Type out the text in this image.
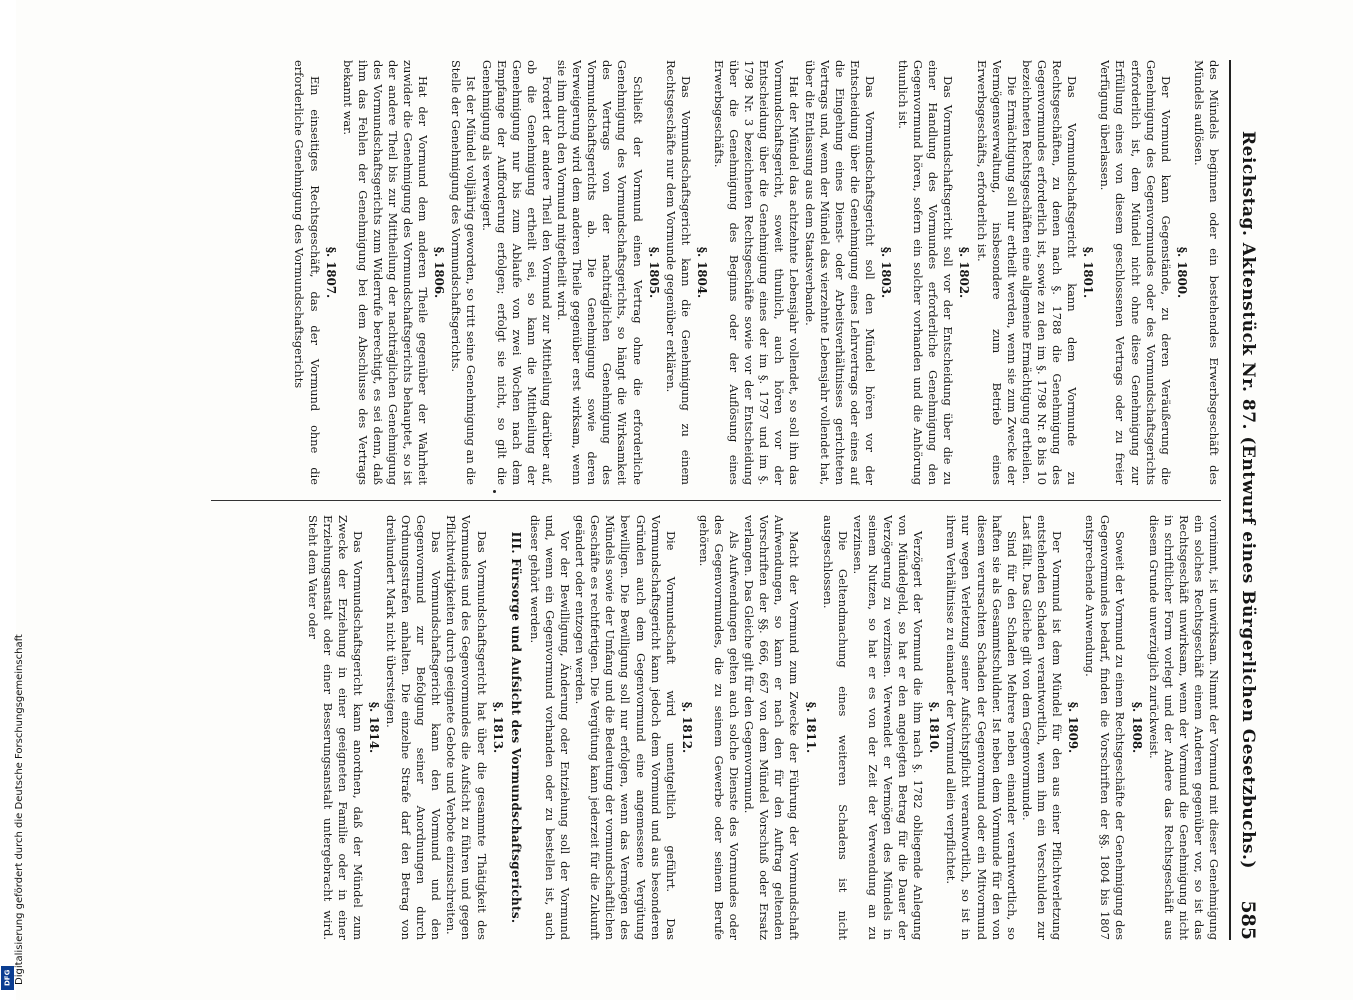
DFG Digitalisierung gefördert durch die Deutsche Forschungsgemeinschaft	Reichstag. Aktenstück Nr. 87. (Entwurf eines Bürgerlichen Gesetzbuchs.)
585

des Mündels beginnen oder ein bestehendes Erwerbsgeschäft des Mündels auflösen.

§. 1800.

Der Vormund kann Gegenstände, zu deren Veräußerung die Genehmigung des Gegenvormundes oder des Vormundschaftsgerichts erforderlich ist, dem Mündel nicht ohne diese Genehmigung zur Erfüllung eines von diesem geschlossenen Vertrags oder zu freier Verfügung überlassen.

§. 1801.

Das Vormundschaftsgericht kann dem Vormunde zu Rechtsgeschäften, zu denen nach §. 1788 die Genehmigung des Gegenvormundes erforderlich ist, sowie zu den im §. 1798 Nr. 8 bis 10 bezeichneten Rechtsgeschäften eine allgemeine Ermächtigung ertheilen.

Die Ermächtigung soll nur ertheilt werden, wenn sie zum Zwecke der Vermögensverwaltung, insbesondere zum Betrieb eines Erwerbsgeschäfts, erforderlich ist.

§. 1802.

Das Vormundschaftsgericht soll vor der Entscheidung über die zu einer Handlung des Vormundes erforderliche Genehmigung den Gegenvormund hören, sofern ein solcher vorhanden und die Anhörung thunlich ist.

§. 1803.

Das Vormundschaftsgericht soll den Mündel hören vor der Entscheidung über die Genehmigung eines Lehrvertrags oder eines auf die Eingehung eines Dienst- oder Arbeitsverhältnisses gerichteten Vertrags und, wenn der Mündel das vierzehnte Lebensjahr vollendet hat, über die Entlassung aus dem Staatsverbande.

Hat der Mündel das achtzehnte Lebensjahr vollendet, so soll ihn das Vormundschaftsgericht, soweit thunlich, auch hören vor der Entscheidung über die Genehmigung eines der im §. 1797 und im §. 1798 Nr. 3 bezeichneten Rechtsgeschäfte sowie vor der Entscheidung über die Genehmigung des Beginns oder der Auflösung eines Erwerbsgeschäfts.

§. 1804.

Das Vormundschaftsgericht kann die Genehmigung zu einem Rechtsgeschäfte nur dem Vormunde gegenüber erklären.

§. 1805.

Schließt der Vormund einen Vertrag ohne die erforderliche Genehmigung des Vormundschaftsgerichts, so hängt die Wirksamkeit des Vertrags von der nachträglichen Genehmigung des Vormundschaftsgerichts ab. Die Genehmigung sowie deren Verweigerung wird dem anderen Theile gegenüber erst wirksam, wenn sie ihm durch den Vormund mitgetheilt wird.

Fordert der andere Theil den Vormund zur Mittheilung darüber auf, ob die Genehmigung ertheilt sei, so kann die Mittheilung der Genehmigung nur bis zum Ablaufe von zwei Wochen nach dem Empfange der Aufforderung erfolgen; erfolgt sie nicht, so gilt die Genehmigung als verweigert.

Ist der Mündel volljährig geworden, so tritt seine Genehmigung an die Stelle der Genehmigung des Vormundschaftsgerichts.

§. 1806.

Hat der Vormund dem anderen Theile gegenüber der Wahrheit zuwider die Genehmigung des Vormundschaftsgerichts behauptet, so ist der andere Theil bis zur Mittheilung der nachträglichen Genehmigung des Vormundschaftsgerichts zum Widerrufe berechtigt, es sei denn, daß ihm das Fehlen der Genehmigung bei dem Abschlusse des Vertrags bekannt war.

§. 1807.

Ein einseitiges Rechtsgeschäft, das der Vormund ohne die erforderliche Genehmigung des Vormundschaftsgerichts

vornimmt, ist unwirksam. Nimmt der Vormund mit dieser Genehmigung ein solches Rechtsgeschäft einem Anderen gegenüber vor, so ist das Rechtsgeschäft unwirksam, wenn der Vormund die Genehmigung nicht in schriftlicher Form vorlegt und der Andere das Rechtsgeschäft aus diesem Grunde unverzüglich zurückweist.

§. 1808.

Soweit der Vormund zu einem Rechtsgeschäfte der Genehmigung des Gegenvormundes bedarf, finden die Vorschriften der §§. 1804 bis 1807 entsprechende Anwendung.

§. 1809.

Der Vormund ist dem Mündel für den aus einer Pflichtverletzung entstehenden Schaden verantwortlich, wenn ihm ein Verschulden zur Last fällt. Das Gleiche gilt von dem Gegenvormunde.

Sind für den Schaden Mehrere neben einander verantwortlich, so haften sie als Gesammtschuldner. Ist neben dem Vormunde für den von diesem verursachten Schaden der Gegenvormund oder ein Mitvormund nur wegen Verletzung seiner Aufsichtspflicht verantwortlich, so ist in ihrem Verhältnisse zu einander der Vormund allein verpflichtet.

§. 1810.

Verzögert der Vormund die ihm nach §. 1782 obliegende Anlegung von Mündelgeld, so hat er den angelegten Betrag für die Dauer der Verzögerung zu verzinsen. Verwendet er Vermögen des Mündels in seinem Nutzen, so hat er es von der Zeit der Verwendung an zu verzinsen.

Die Geltendmachung eines weiteren Schadens ist nicht ausgeschlossen.

§. 1811.

Macht der Vormund zum Zwecke der Führung der Vormundschaft Aufwendungen, so kann er nach den für den Auftrag geltenden Vorschriften der §§. 666, 667 von dem Mündel Vorschuß oder Ersatz verlangen. Das Gleiche gilt für den Gegenvormund.

Als Aufwendungen gelten auch solche Dienste des Vormundes oder des Gegenvormundes, die zu seinem Gewerbe oder seinem Berufe gehören.

§. 1812.

Die Vormundschaft wird unentgeltlich geführt. Das Vormundschaftsgericht kann jedoch dem Vormund und aus besonderen Gründen auch dem Gegenvormund eine angemessene Vergütung bewilligen. Die Bewilligung soll nur erfolgen, wenn das Vermögen des Mündels sowie der Umfang und die Bedeutung der vormundschaftlichen Geschäfte es rechtfertigen. Die Vergütung kann jederzeit für die Zukunft geändert oder entzogen werden.

Vor der Bewilligung, Änderung oder Entziehung soll der Vormund und, wenn ein Gegenvormund vorhanden oder zu bestellen ist, auch dieser gehört werden.

III. Fürsorge und Aufsicht des Vormundschaftsgerichts.

§. 1813.

Das Vormundschaftsgericht hat über die gesammte Thätigkeit des Vormundes und des Gegenvormundes die Aufsicht zu führen und gegen Pflichtwidrigkeiten durch geeignete Gebote und Verbote einzuschreiten.

Das Vormundschaftsgericht kann den Vormund und den Gegenvormund zur Befolgung seiner Anordnungen durch Ordnungsstrafen anhalten. Die einzelne Strafe darf den Betrag von dreihundert Mark nicht übersteigen.

§. 1814.

Das Vormundschaftsgericht kann anordnen, daß der Mündel zum Zwecke der Erziehung in einer geeigneten Familie oder in einer Erziehungsanstalt oder einer Besserungsanstalt untergebracht wird. Steht dem Vater oder
